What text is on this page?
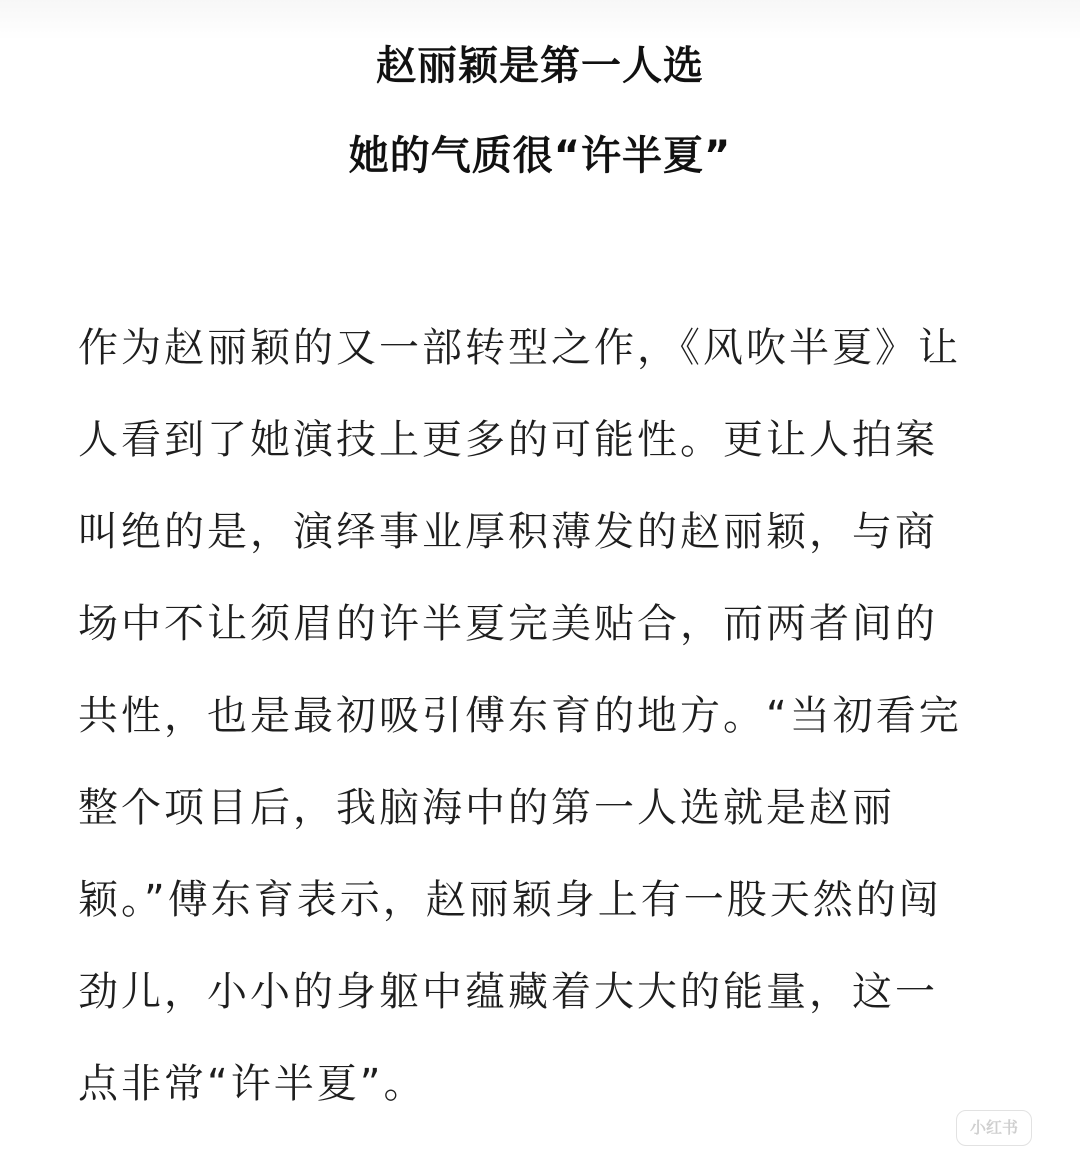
赵丽颖是第一人选
她的气质很“许半夏”
作为赵丽颖的又一部转型之作，《风吹半夏》让
人看到了她演技上更多的可能性。更让人拍案
叫绝的是，演绎事业厚积薄发的赵丽颖，与商
场中不让须眉的许半夏完美贴合，而两者间的
共性，也是最初吸引傅东育的地方。“当初看完
整个项目后，我脑海中的第一人选就是赵丽
颖。”傅东育表示，赵丽颖身上有一股天然的闯
劲儿，小小的身躯中蕴藏着大大的能量，这一
点非常“许半夏”。
小红书
